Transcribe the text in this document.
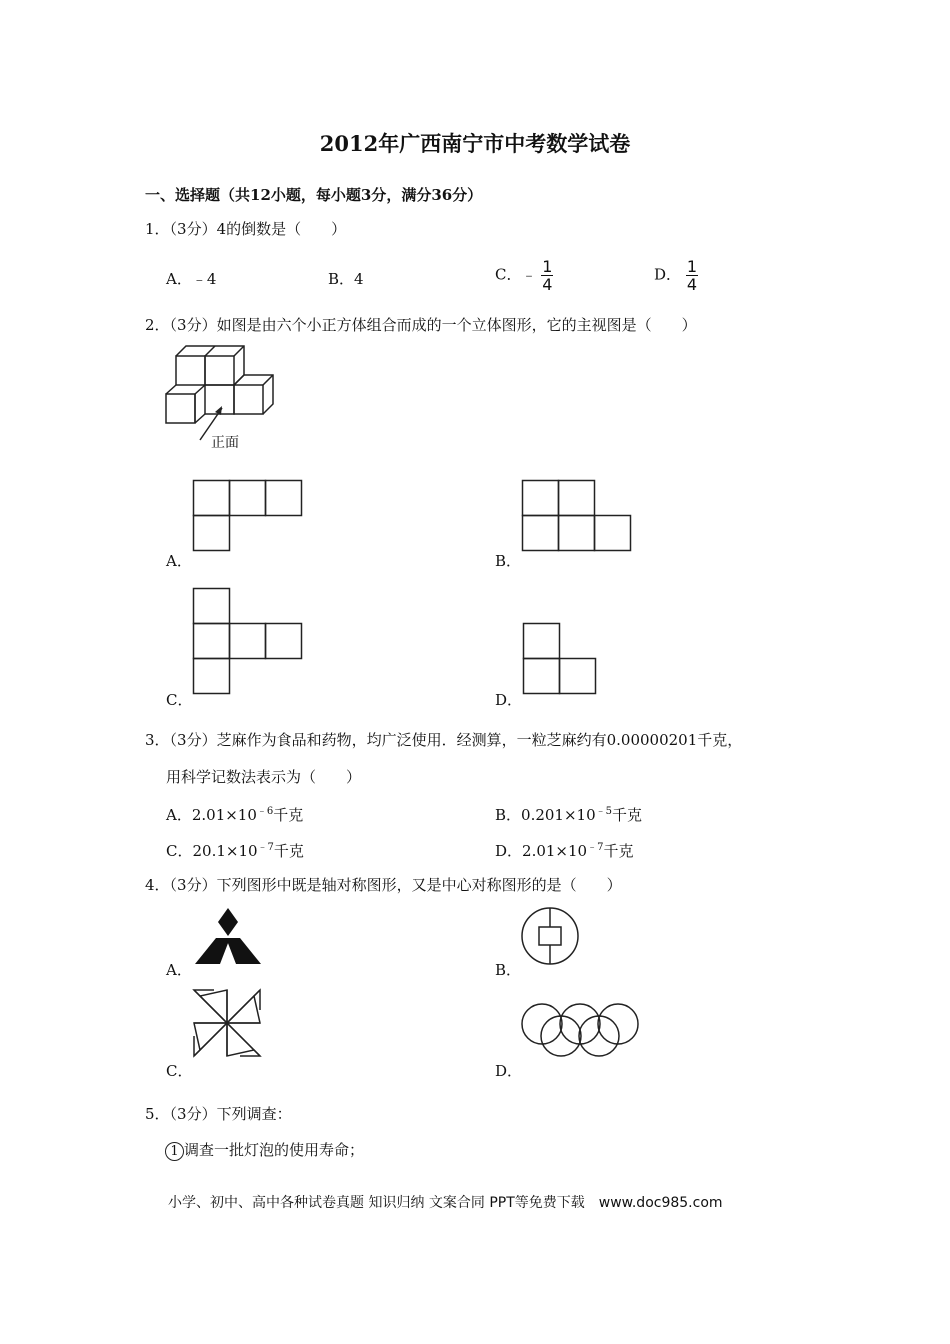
2012年广西南宁市中考数学试卷
一、选择题（共12小题，每小题3分，满分36分）
1．（3分）4的倒数是（　　）
A．﹣4	B．4	C．﹣ $\frac{1}{4}$	D． $\frac{1}{4}$
2．（3分）如图是由六个小正方体组合而成的一个立体图形，它的主视图是（　　）
正面
A．	B．
C．	D．
3．（3分）芝麻作为食品和药物，均广泛使用．经测算，一粒芝麻约有0.00000201千克，
用科学记数法表示为（　　）
A．$2.01\times 10^{﹣6}$千克	B．$0.201\times 10^{﹣5}$千克
C．$20.1\times 10^{﹣7}$千克	D．$2.01\times 10^{﹣7}$千克
4．（3分）下列图形中既是轴对称图形，又是中心对称图形的是（　　）
A．	B．
C．	D．
5．（3分）下列调查：
1 调查一批灯泡的使用寿命；
小学、初中、高中各种试卷真题 知识归纳 文案合同 PPT等免费下载　www.doc985.com
